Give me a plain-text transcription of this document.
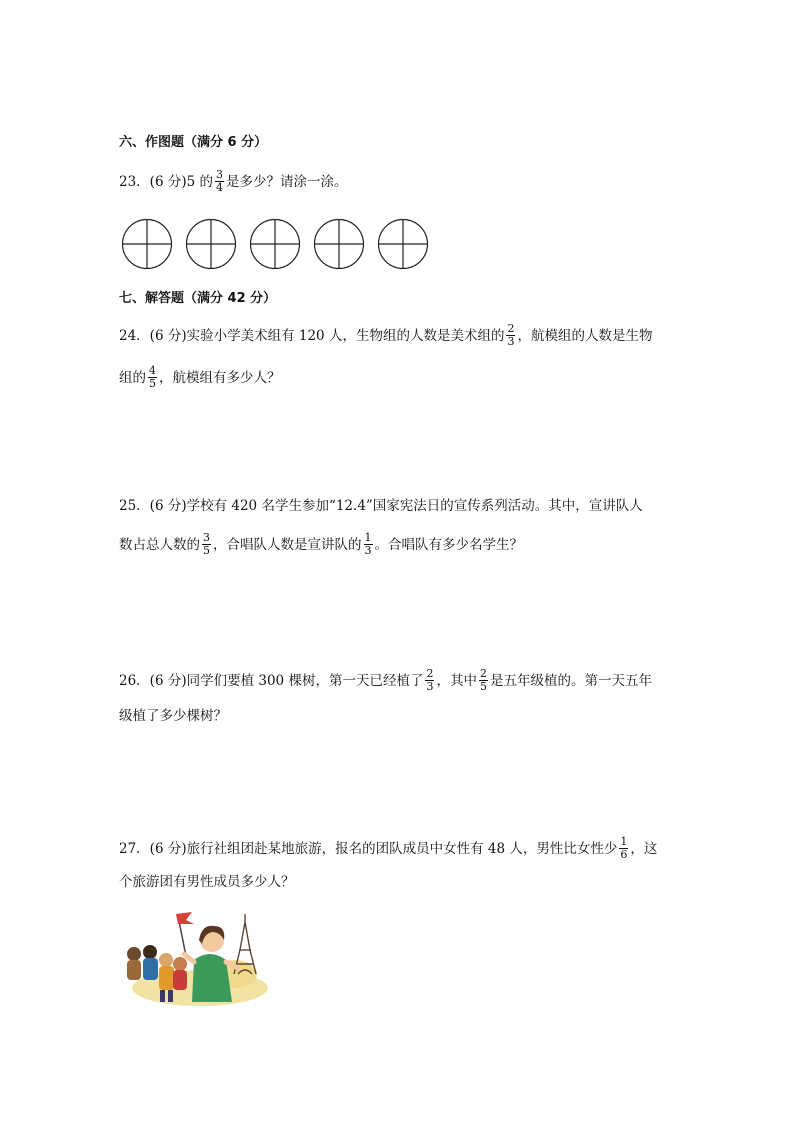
六、作图题（满分 6 分）
23．(6 分)5 的 $\frac{3}{4}$ 是多少？请涂一涂。
七、解答题（满分 42 分）
24．(6 分)实验小学美术组有 120 人，生物组的人数是美术组的 $\frac{2}{3}$ ，航模组的人数是生物
组的 $\frac{4}{5}$ ，航模组有多少人？
25．(6 分)学校有 420 名学生参加“12.4”国家宪法日的宣传系列活动。其中，宣讲队人
数占总人数的 $\frac{3}{5}$ ，合唱队人数是宣讲队的 $\frac{1}{3}$ 。合唱队有多少名学生？
26．(6 分)同学们要植 300 棵树，第一天已经植了 $\frac{2}{3}$ ，其中 $\frac{2}{5}$ 是五年级植的。第一天五年
级植了多少棵树？
27．(6 分)旅行社组团赴某地旅游，报名的团队成员中女性有 48 人，男性比女性少 $\frac{1}{6}$ ，这
个旅游团有男性成员多少人？
